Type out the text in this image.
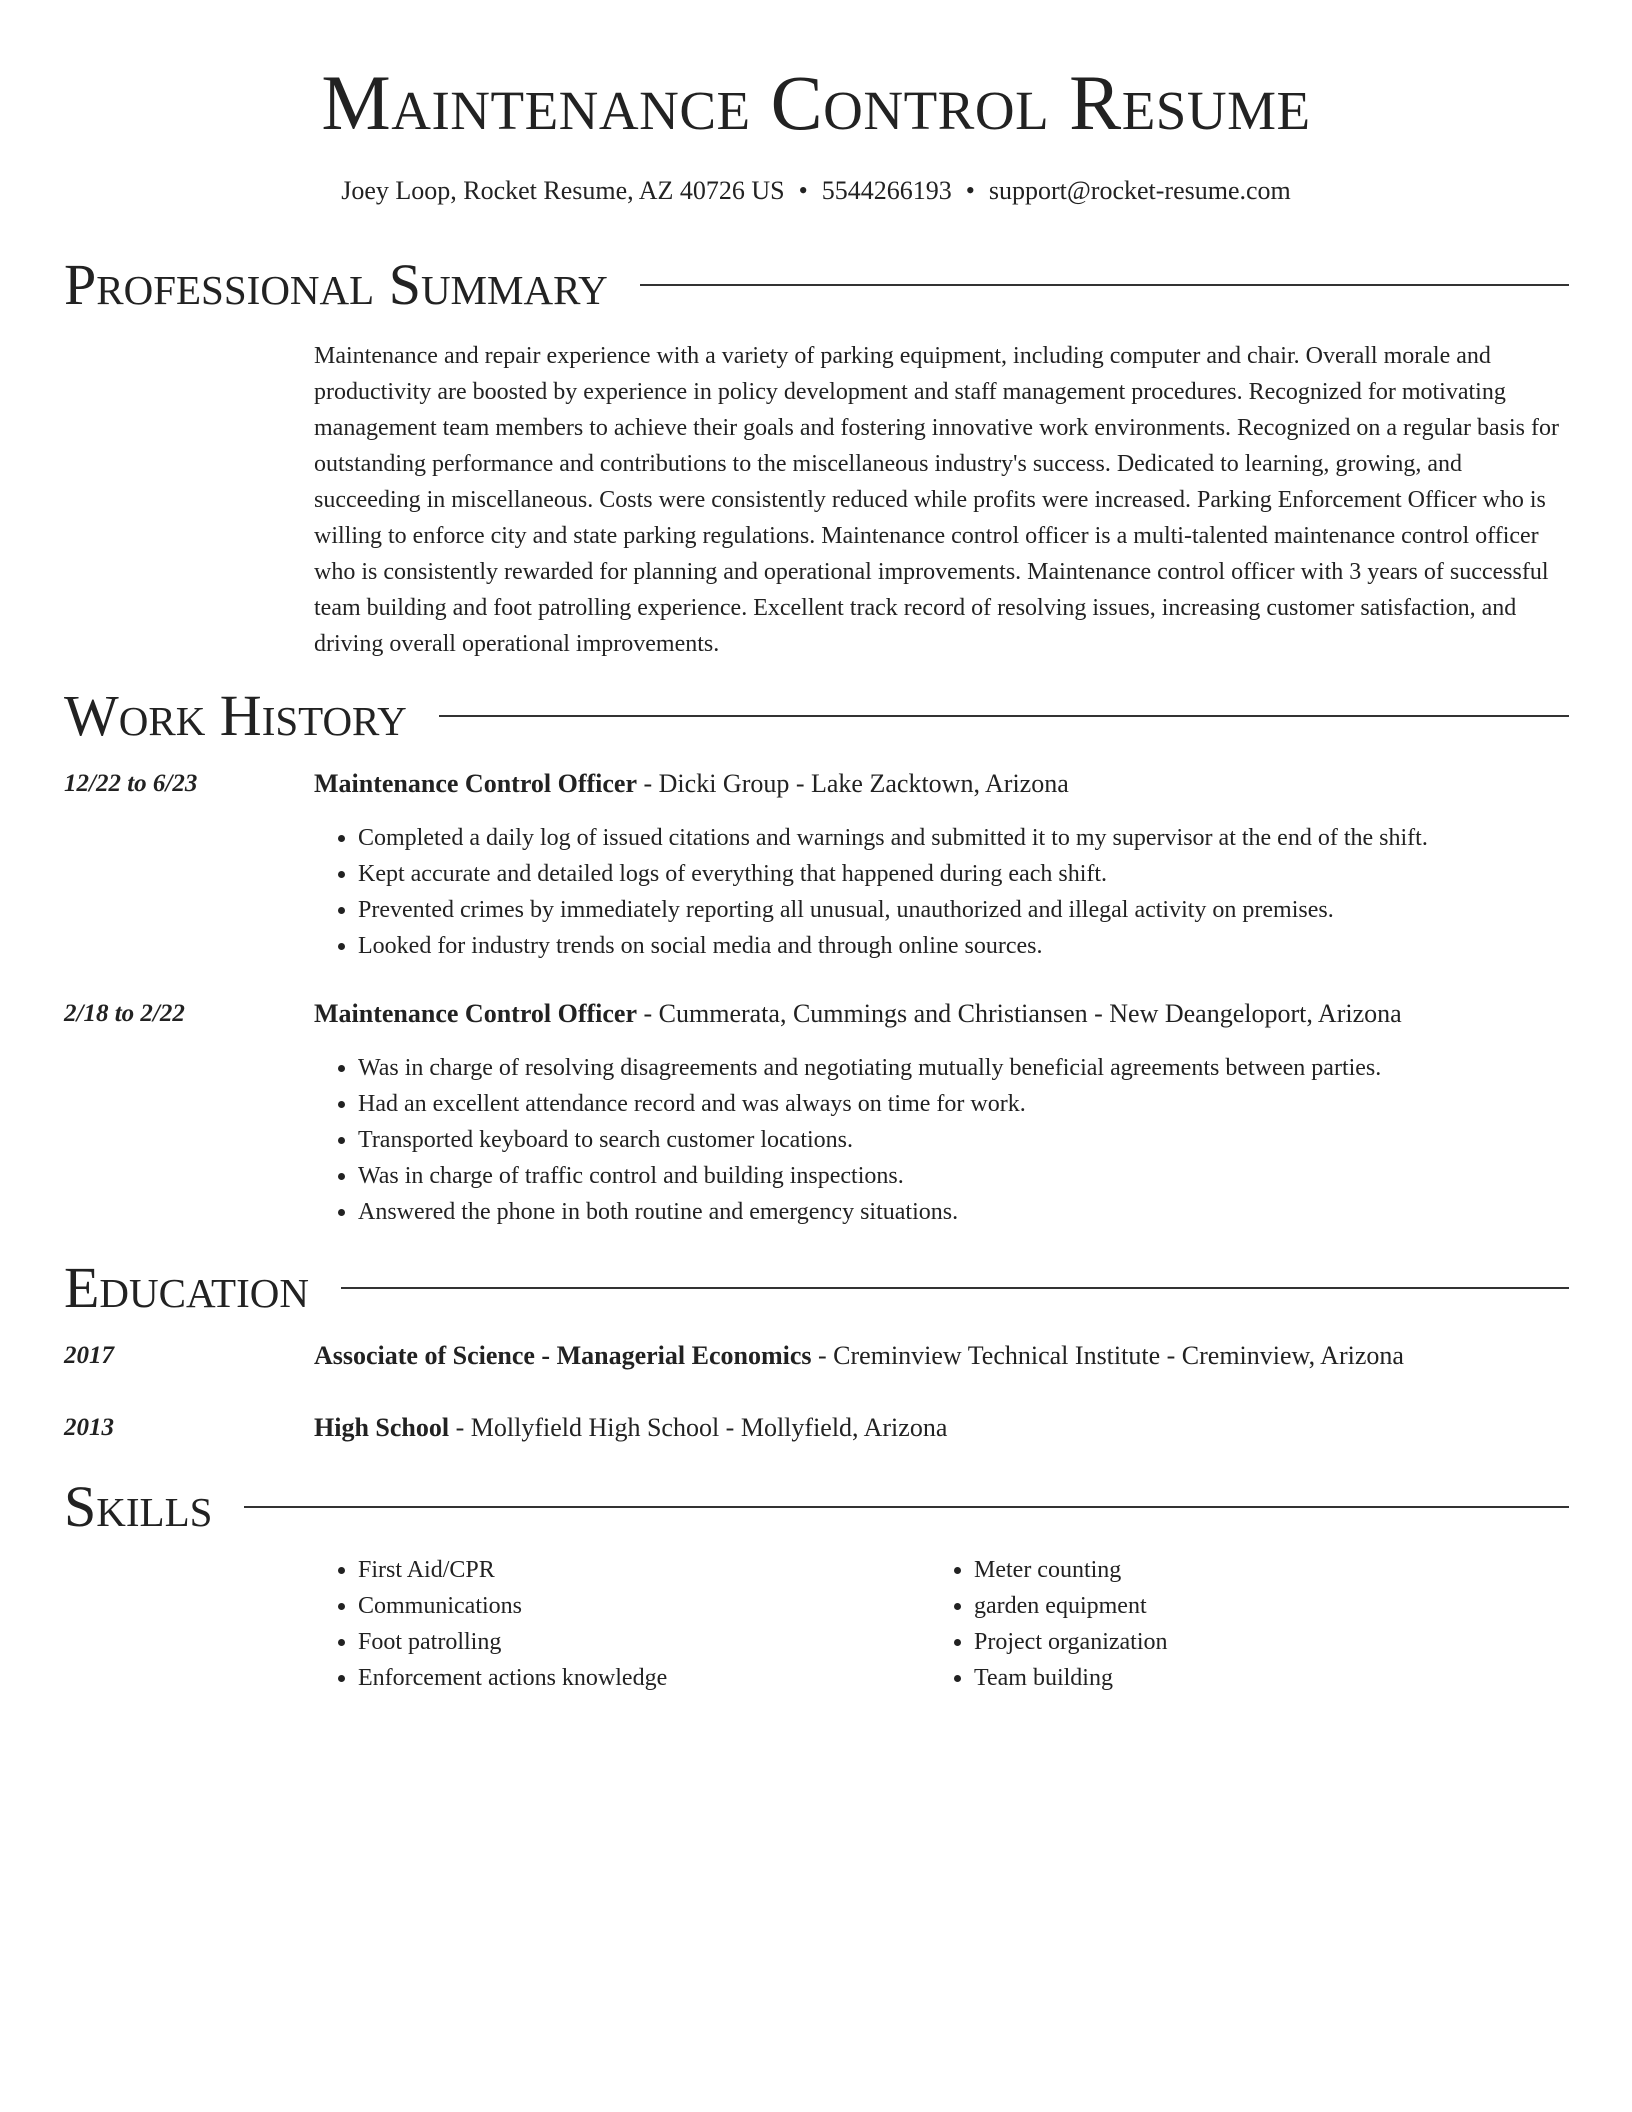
Maintenance Control Resume
Joey Loop, Rocket Resume, AZ 40726 US • 5544266193 • support@rocket-resume.com
Professional Summary

Maintenance and repair experience with a variety of parking equipment, including computer and chair. Overall morale and productivity are boosted by experience in policy development and staff management procedures. Recognized for motivating management team members to achieve their goals and fostering innovative work environments. Recognized on a regular basis for outstanding performance and contributions to the miscellaneous industry's success. Dedicated to learning, growing, and succeeding in miscellaneous. Costs were consistently reduced while profits were increased. Parking Enforcement Officer who is willing to enforce city and state parking regulations. Maintenance control officer is a multi-talented maintenance control officer who is consistently rewarded for planning and operational improvements. Maintenance control officer with 3 years of successful team building and foot patrolling experience. Excellent track record of resolving issues, increasing customer satisfaction, and driving overall operational improvements.

Work History
12/22 to 6/23	Maintenance Control Officer - Dicki Group - Lake Zacktown, Arizona
• Completed a daily log of issued citations and warnings and submitted it to my supervisor at the end of the shift.
• Kept accurate and detailed logs of everything that happened during each shift.
• Prevented crimes by immediately reporting all unusual, unauthorized and illegal activity on premises.
• Looked for industry trends on social media and through online sources.
2/18 to 2/22	Maintenance Control Officer - Cummerata, Cummings and Christiansen - New Deangeloport, Arizona
• Was in charge of resolving disagreements and negotiating mutually beneficial agreements between parties.
• Had an excellent attendance record and was always on time for work.
• Transported keyboard to search customer locations.
• Was in charge of traffic control and building inspections.
• Answered the phone in both routine and emergency situations.
Education
2017	Associate of Science - Managerial Economics - Creminview Technical Institute - Creminview, Arizona
2013	High School - Mollyfield High School - Mollyfield, Arizona
Skills
• First Aid/CPR
• Communications
• Foot patrolling
• Enforcement actions knowledge
• Meter counting
• garden equipment
• Project organization
• Team building
